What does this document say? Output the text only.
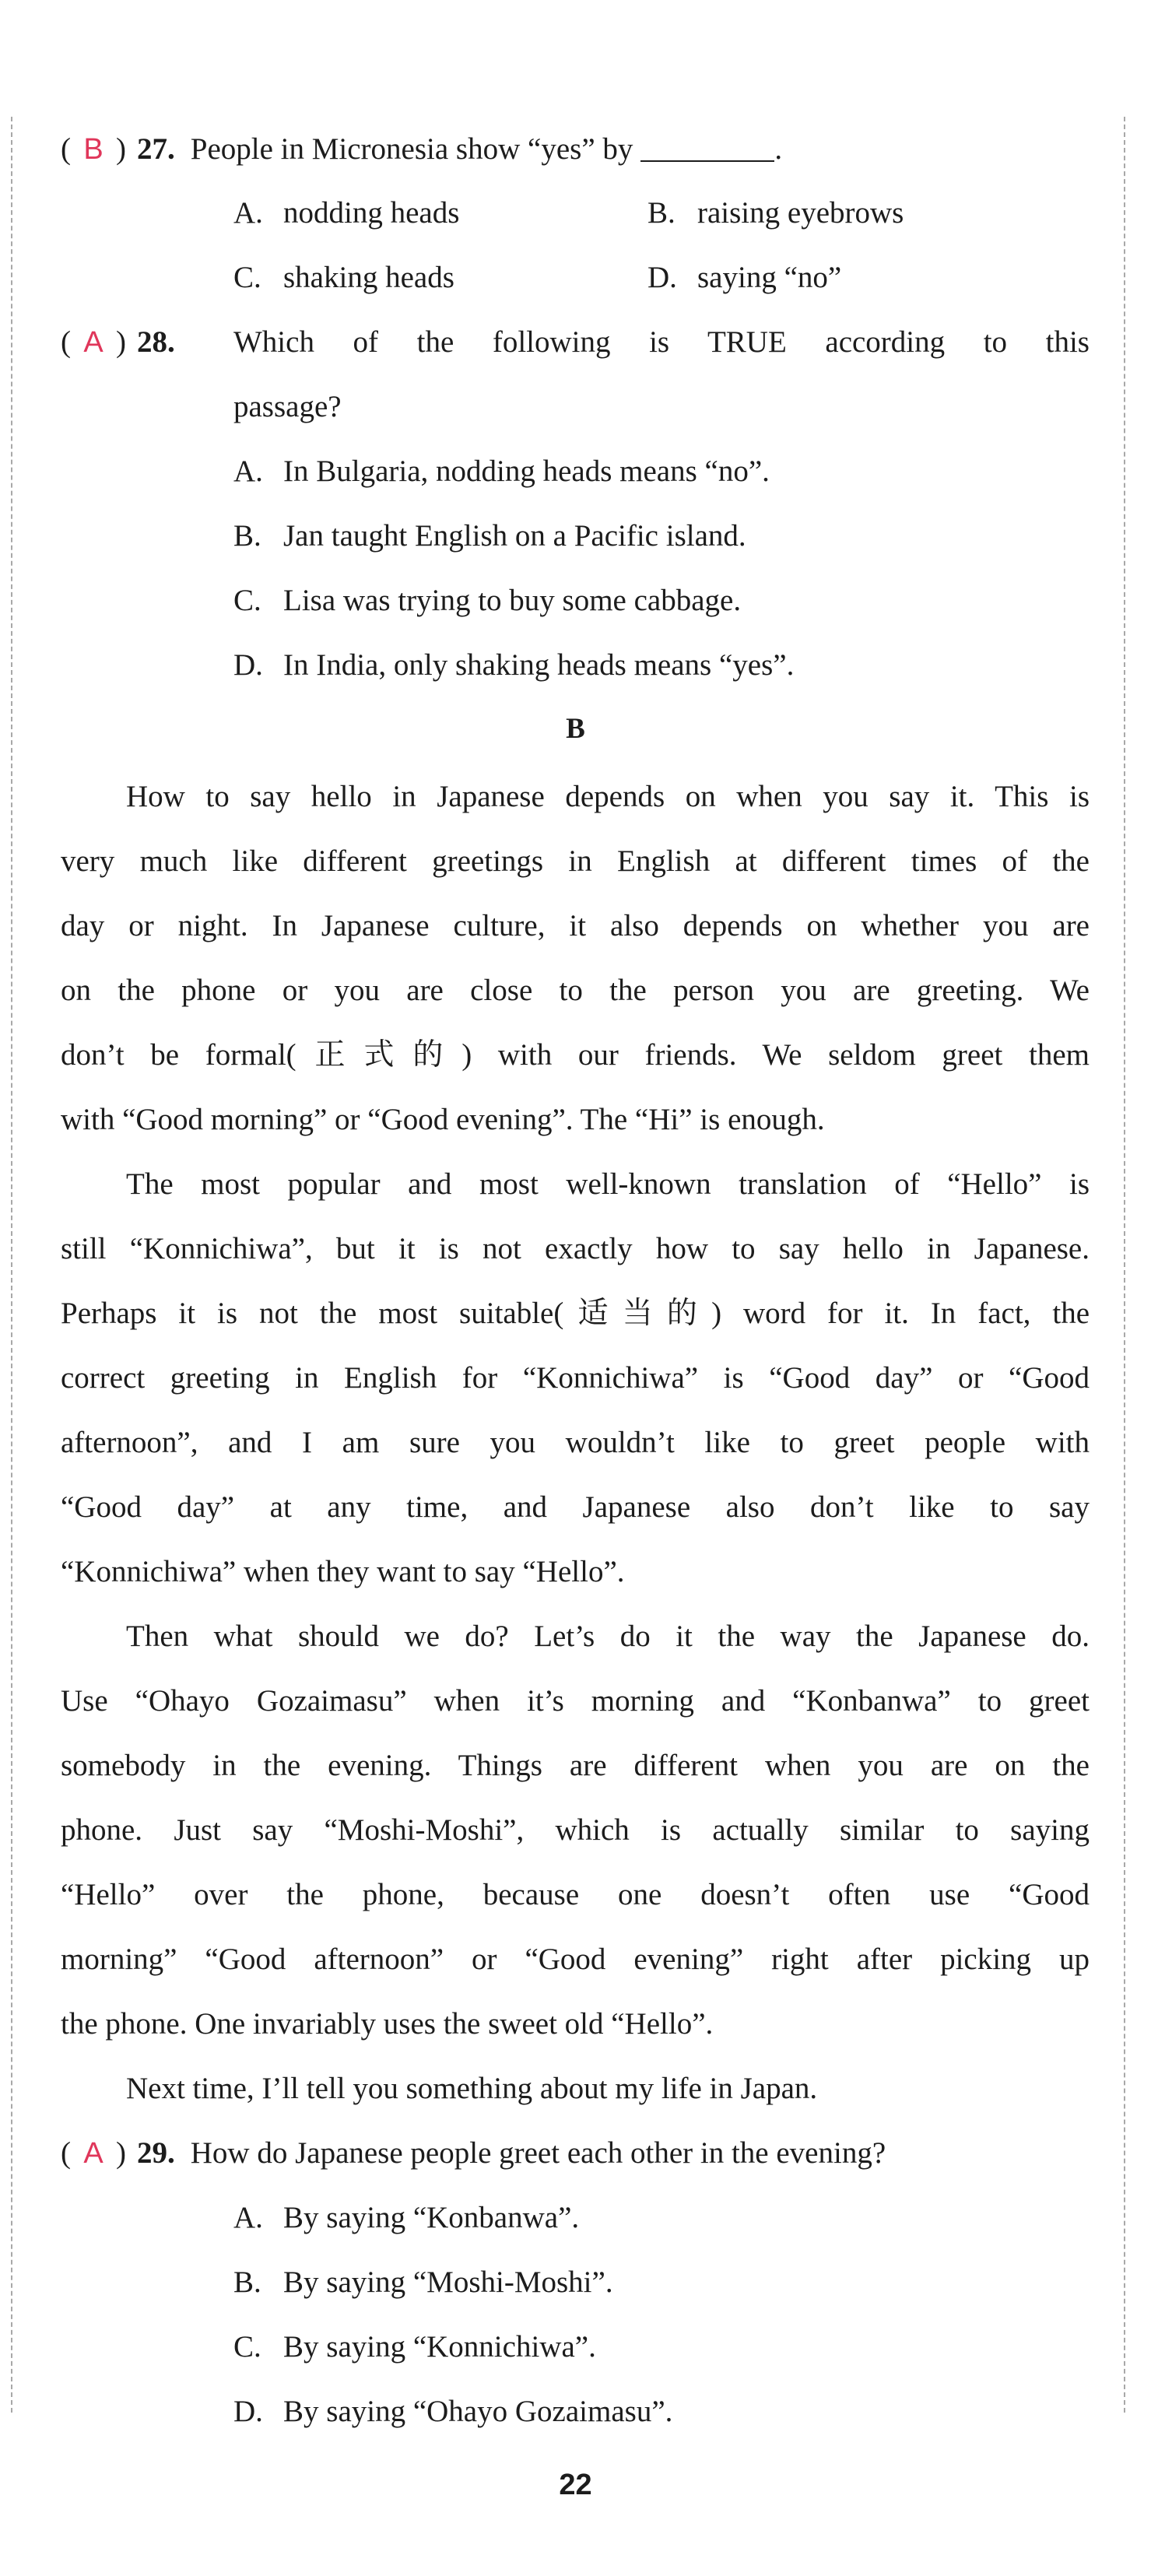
( B ) 27. People in Micronesia show “yes” by	.
A. nodding heads	B. raising eyebrows
C. shaking heads	D. saying “no”
( A ) 28.	Which of the following is TRUE according to this
passage?
A. In Bulgaria, nodding heads means “no”.
B. Jan taught English on a Pacific island.
C. Lisa was trying to buy some cabbage.
D. In India, only shaking heads means “yes”.
B
How to say hello in Japanese depends on when you say it. This is
very much like different greetings in English at different times of the
day or night. In Japanese culture, it also depends on whether you are
on the phone or you are close to the person you are greeting. We
don’t be formal(正式的) with our friends. We seldom greet them
with “Good morning” or “Good evening”. The “Hi” is enough.
The most popular and most well-known translation of “Hello” is
still “Konnichiwa”, but it is not exactly how to say hello in Japanese.
Perhaps it is not the most suitable(适当的) word for it. In fact, the
correct greeting in English for “Konnichiwa” is “Good day” or “Good
afternoon”, and I am sure you wouldn’t like to greet people with
“Good day” at any time, and Japanese also don’t like to say
“Konnichiwa” when they want to say “Hello”.
Then what should we do? Let’s do it the way the Japanese do.
Use “Ohayo Gozaimasu” when it’s morning and “Konbanwa” to greet
somebody in the evening. Things are different when you are on the
phone. Just say “Moshi-Moshi”, which is actually similar to saying
“Hello” over the phone, because one doesn’t often use “Good
morning” “Good afternoon” or “Good evening” right after picking up
the phone. One invariably uses the sweet old “Hello”.
Next time, I’ll tell you something about my life in Japan.
( A ) 29. How do Japanese people greet each other in the evening?
A. By saying “Konbanwa”.
B. By saying “Moshi-Moshi”.
C. By saying “Konnichiwa”.
D. By saying “Ohayo Gozaimasu”.
22
